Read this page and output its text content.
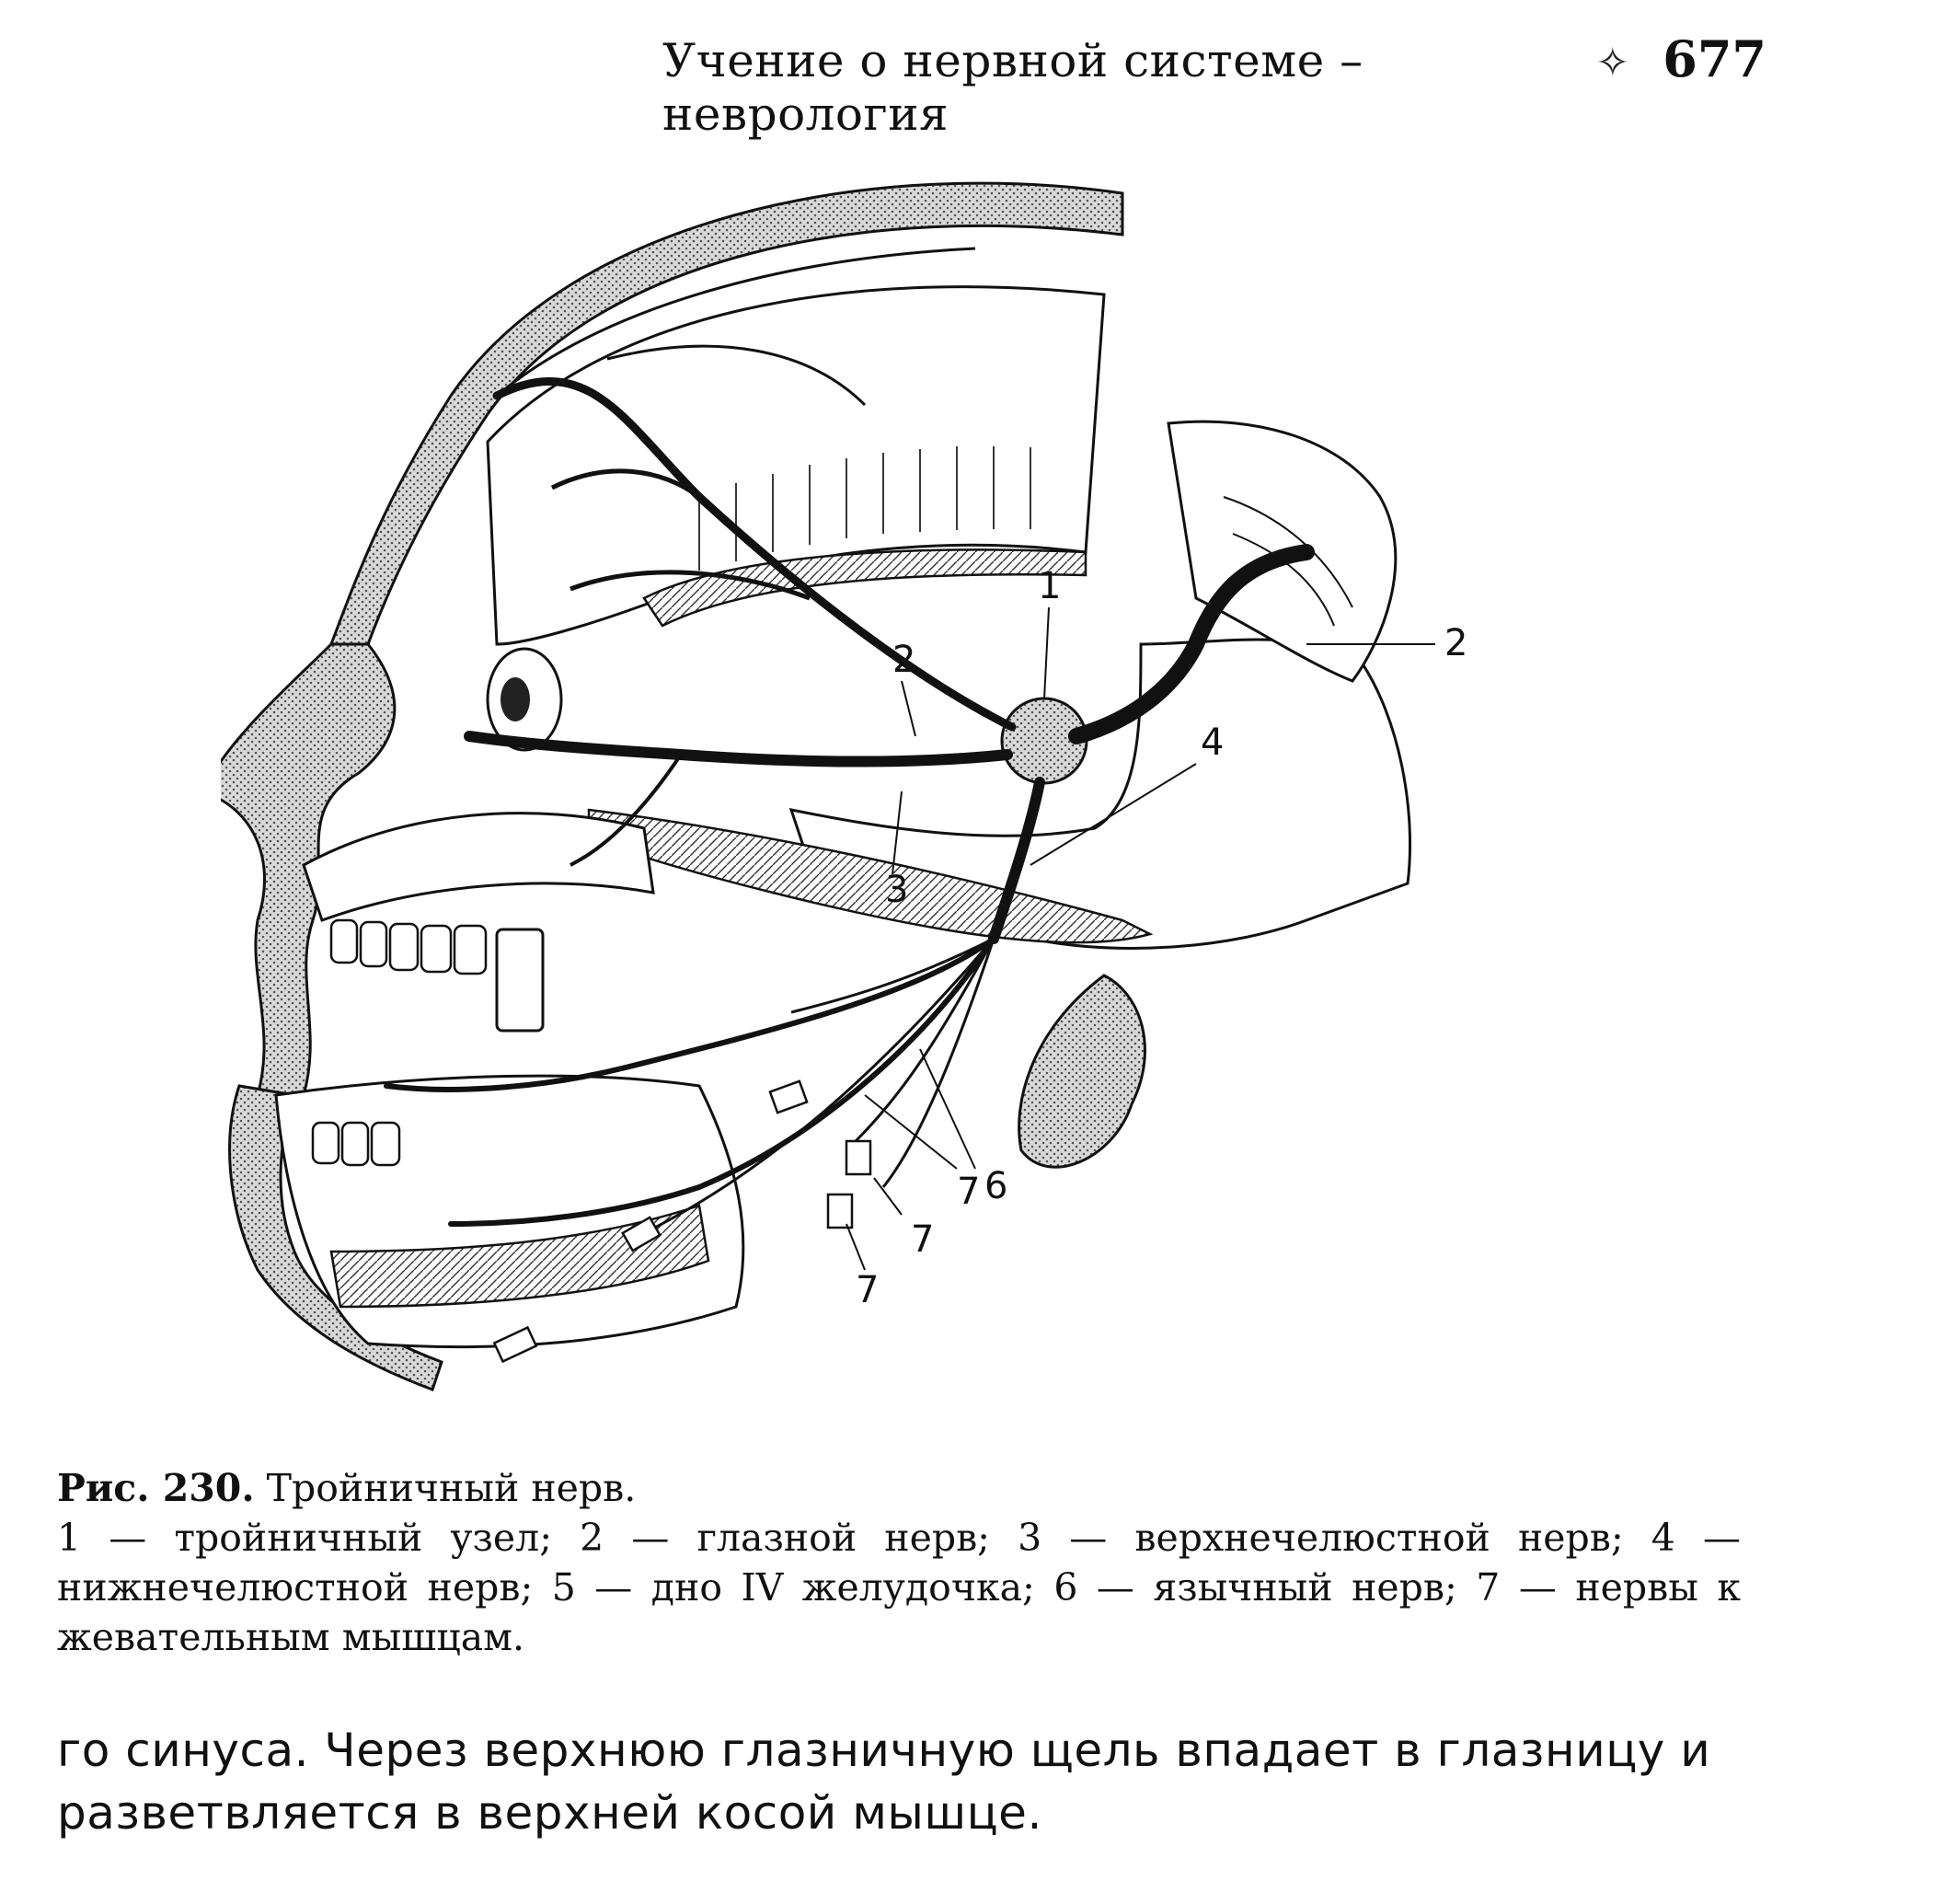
Учение о нервной системе – неврология
✧ 677
1
2	2
3
4
6
7
7
7
Рис. 230. Тройничный нерв.
1 — тройничный узел; 2 — глазной нерв; 3 — верхнечелюстной нерв; 4 — нижнечелюстной нерв; 5 — дно IV желудочка; 6 — язычный нерв; 7 — нервы к жевательным мышцам.

го синуса. Через верхнюю глазничную щель впадает в глазницу и разветвляется в верхней косой мышце.
